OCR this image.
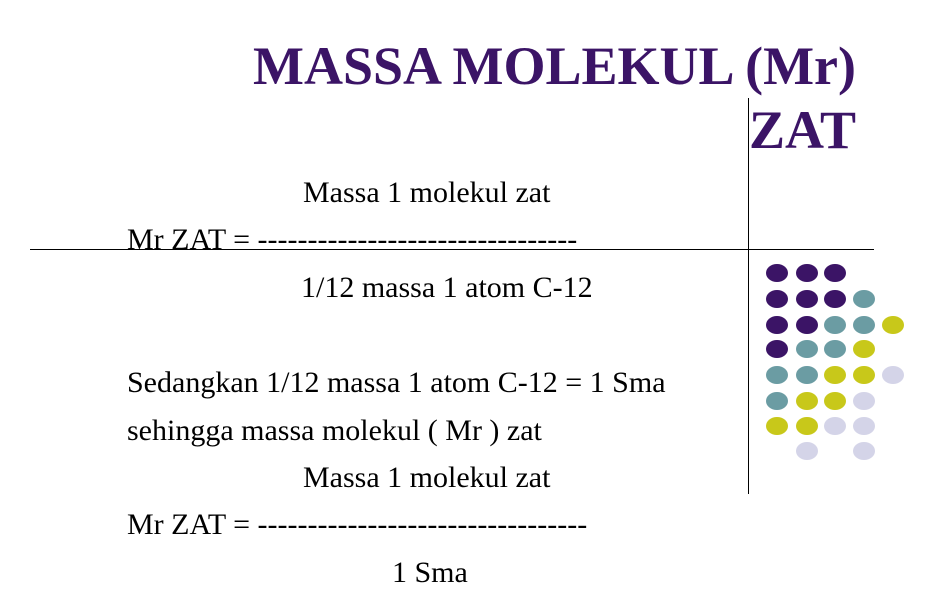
MASSA MOLEKUL (Mr)
ZAT
Massa 1 molekul zat
Mr ZAT = --------------------------------
1/12 massa 1 atom C-12
Sedangkan 1/12 massa 1 atom C-12 = 1 Sma
sehingga massa molekul ( Mr ) zat
Massa 1 molekul zat
Mr ZAT = ---------------------------------
1 Sma
